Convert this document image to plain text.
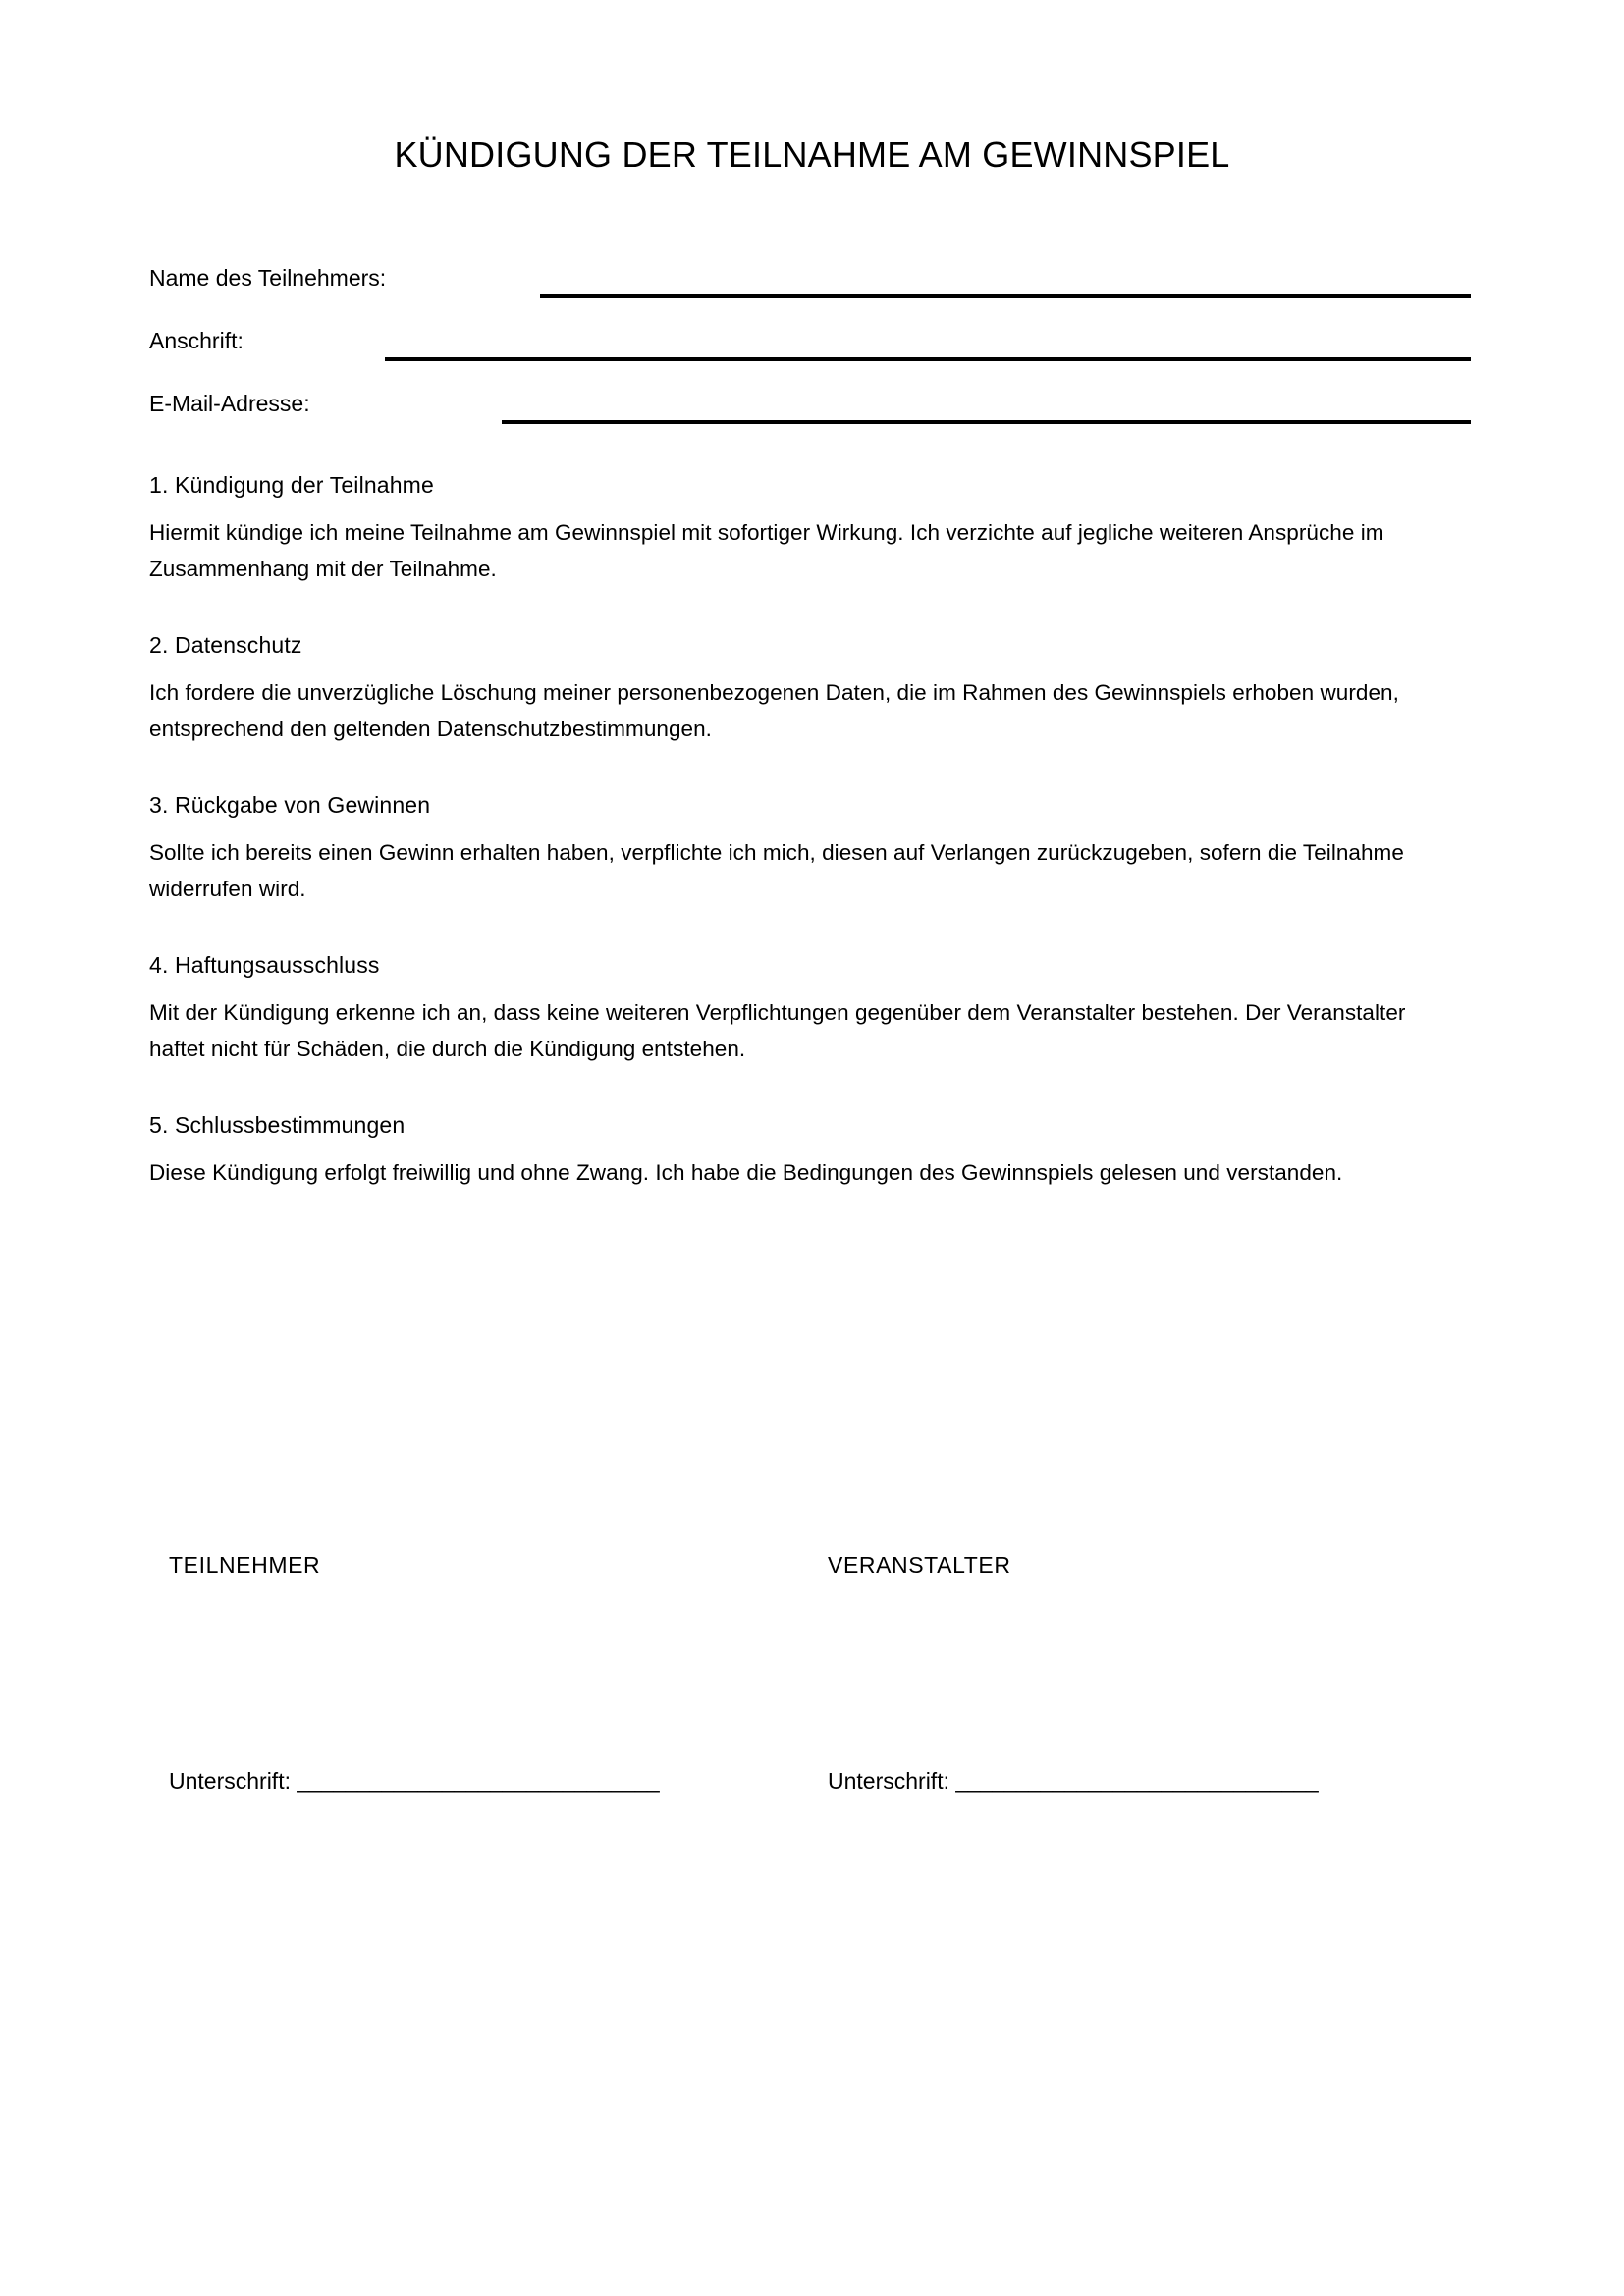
KÜNDIGUNG DER TEILNAHME AM GEWINNSPIEL
Name des Teilnehmers:
Anschrift:
E-Mail-Adresse:
1. Kündigung der Teilnahme

Hiermit kündige ich meine Teilnahme am Gewinnspiel mit sofortiger Wirkung. Ich verzichte auf jegliche weiteren Ansprüche im Zusammenhang mit der Teilnahme.

2. Datenschutz

Ich fordere die unverzügliche Löschung meiner personenbezogenen Daten, die im Rahmen des Gewinnspiels erhoben wurden, entsprechend den geltenden Datenschutzbestimmungen.

3. Rückgabe von Gewinnen

Sollte ich bereits einen Gewinn erhalten haben, verpflichte ich mich, diesen auf Verlangen zurückzugeben, sofern die Teilnahme widerrufen wird.

4. Haftungsausschluss

Mit der Kündigung erkenne ich an, dass keine weiteren Verpflichtungen gegenüber dem Veranstalter bestehen. Der Veranstalter haftet nicht für Schäden, die durch die Kündigung entstehen.

5. Schlussbestimmungen

Diese Kündigung erfolgt freiwillig und ohne Zwang. Ich habe die Bedingungen des Gewinnspiels gelesen und verstanden.

TEILNEHMER	VERANSTALTER
Unterschrift: ______________________________	Unterschrift: ______________________________
